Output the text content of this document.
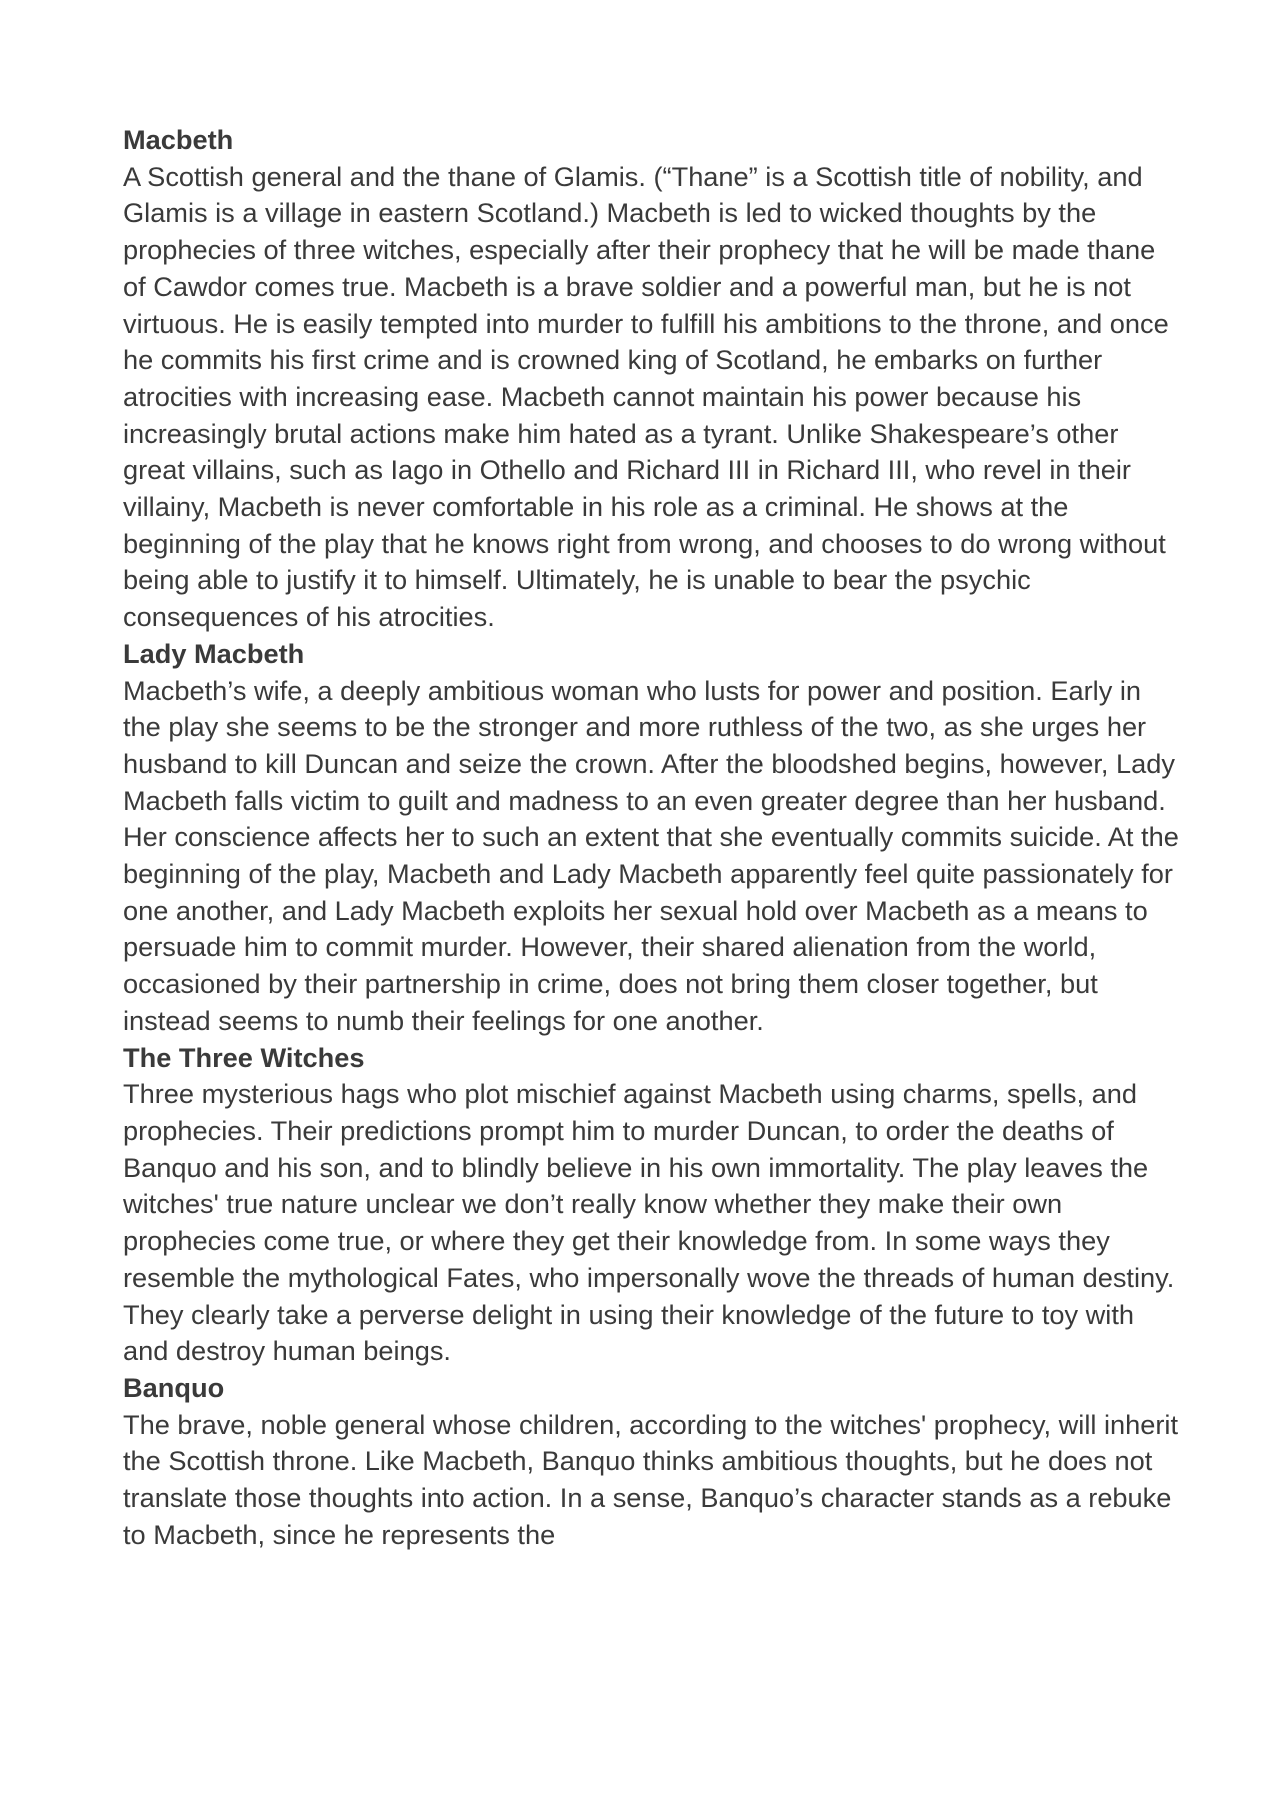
Macbeth

A Scottish general and the thane of Glamis. (“Thane” is a Scottish title of nobility, and Glamis is a village in eastern Scotland.) Macbeth is led to wicked thoughts by the prophecies of three witches, especially after their prophecy that he will be made thane of Cawdor comes true. Macbeth is a brave soldier and a powerful man, but he is not virtuous. He is easily tempted into murder to fulfill his ambitions to the throne, and once he commits his first crime and is crowned king of Scotland, he embarks on further atrocities with increasing ease. Macbeth cannot maintain his power because his increasingly brutal actions make him hated as a tyrant. Unlike Shakespeare’s other great villains, such as Iago in Othello and Richard III in Richard III, who revel in their villainy, Macbeth is never comfortable in his role as a criminal. He shows at the beginning of the play that he knows right from wrong, and chooses to do wrong without being able to justify it to himself. Ultimately, he is unable to bear the psychic consequences of his atrocities.

Lady Macbeth

Macbeth’s wife, a deeply ambitious woman who lusts for power and position. Early in the play she seems to be the stronger and more ruthless of the two, as she urges her husband to kill Duncan and seize the crown. After the bloodshed begins, however, Lady Macbeth falls victim to guilt and madness to an even greater degree than her husband. Her conscience affects her to such an extent that she eventually commits suicide. At the beginning of the play, Macbeth and Lady Macbeth apparently feel quite passionately for one another, and Lady Macbeth exploits her sexual hold over Macbeth as a means to persuade him to commit murder. However, their shared alienation from the world, occasioned by their partnership in crime, does not bring them closer together, but instead seems to numb their feelings for one another.

The Three Witches

Three mysterious hags who plot mischief against Macbeth using charms, spells, and prophecies. Their predictions prompt him to murder Duncan, to order the deaths of Banquo and his son, and to blindly believe in his own immortality. The play leaves the witches' true nature unclear we don’t really know whether they make their own prophecies come true, or where they get their knowledge from. In some ways they resemble the mythological Fates, who impersonally wove the threads of human destiny. They clearly take a perverse delight in using their knowledge of the future to toy with and destroy human beings.

Banquo

The brave, noble general whose children, according to the witches' prophecy, will inherit the Scottish throne. Like Macbeth, Banquo thinks ambitious thoughts, but he does not translate those thoughts into action. In a sense, Banquo’s character stands as a rebuke to Macbeth, since he represents the
